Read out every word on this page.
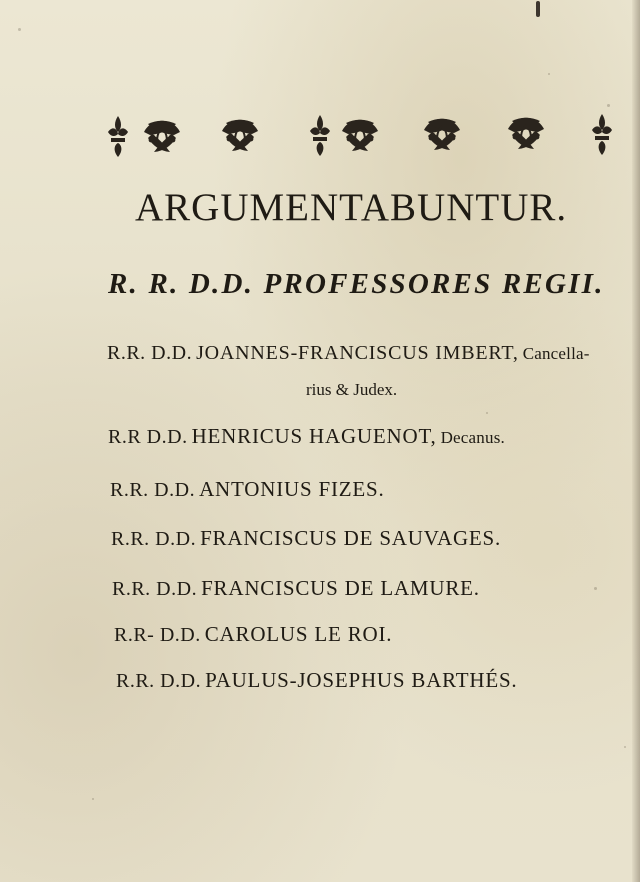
ARGUMENTABUNTUR.
R. R. D.D. PROFESSORES REGII.
R.R. D.D. JOANNES-FRANCISCUS IMBERT, Cancella-
rius & Judex.
R.R D.D. HENRICUS HAGUENOT, Decanus.
R.R. D.D. ANTONIUS FIZES.
R.R. D.D. FRANCISCUS DE SAUVAGES.
R.R. D.D. FRANCISCUS DE LAMURE.
R.R- D.D. CAROLUS LE ROI.
R.R. D.D. PAULUS-JOSEPHUS BARTHÉS.
